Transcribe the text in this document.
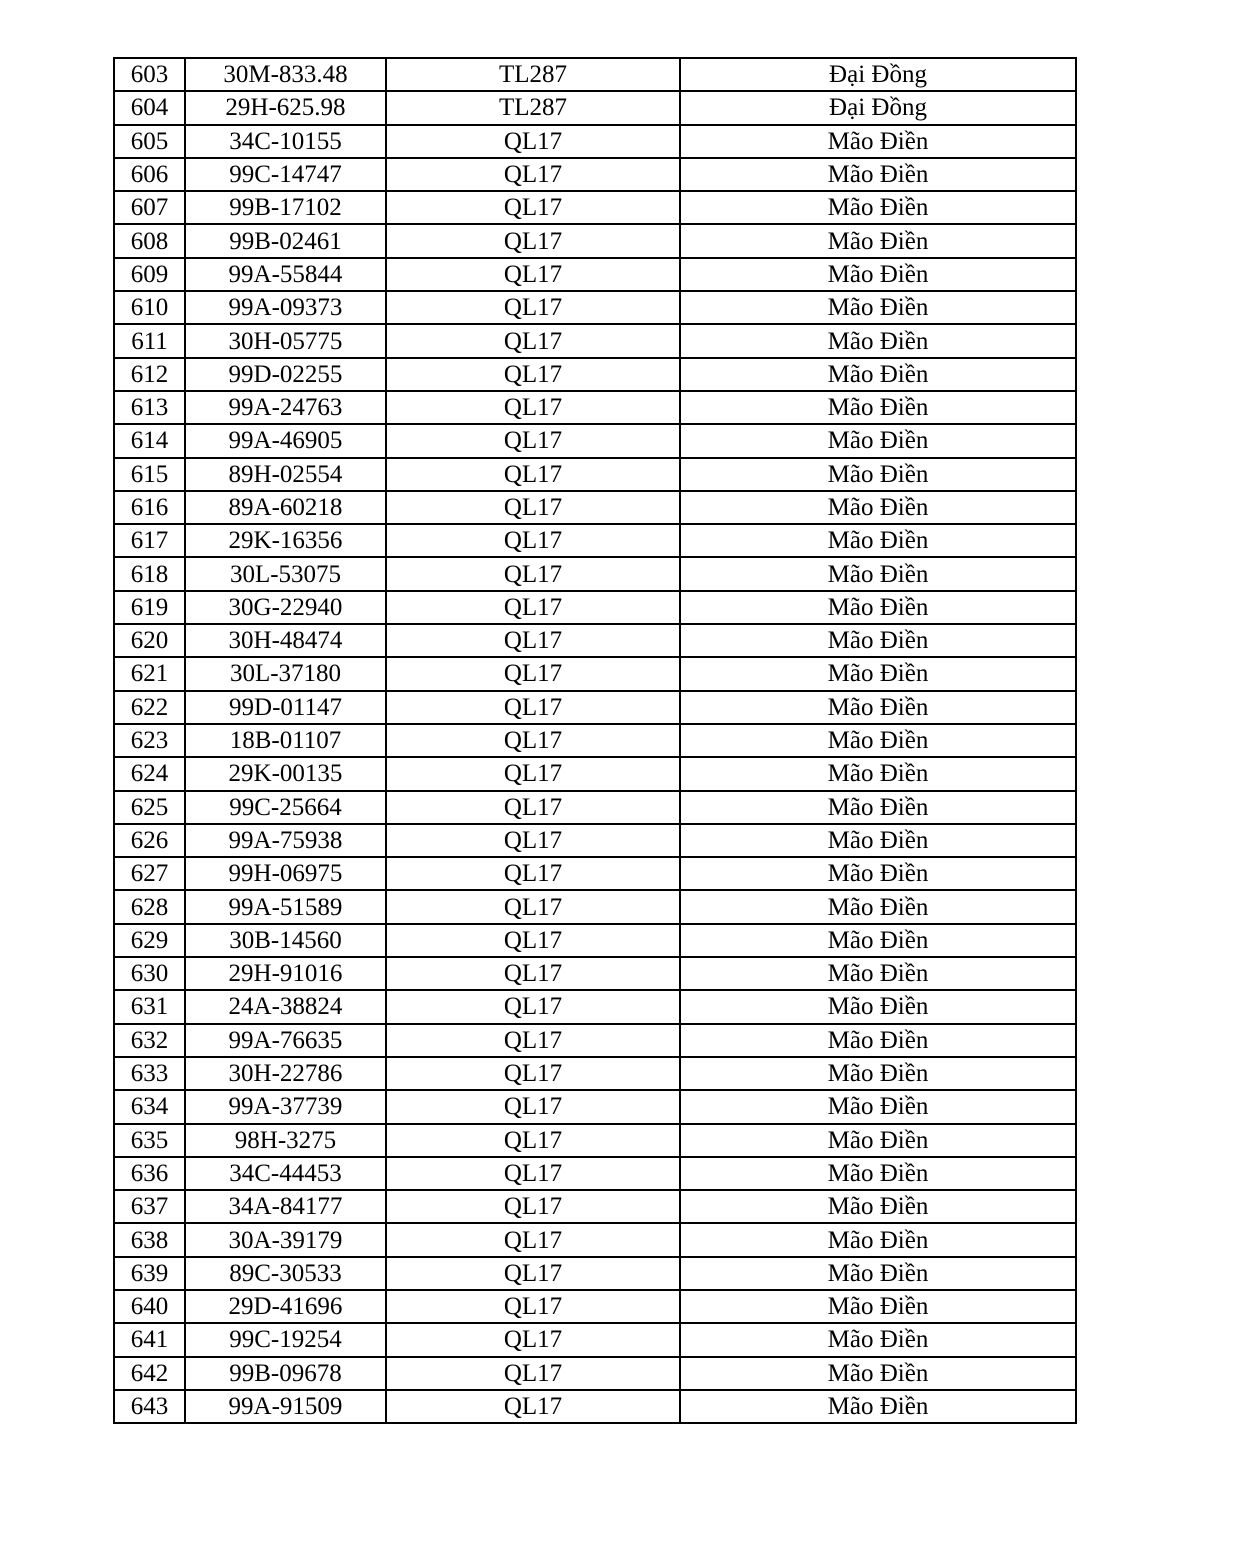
603	30M-833.48	TL287	Đại Đồng
604	29H-625.98	TL287	Đại Đồng
605	34C-10155	QL17	Mão Điền
606	99C-14747	QL17	Mão Điền
607	99B-17102	QL17	Mão Điền
608	99B-02461	QL17	Mão Điền
609	99A-55844	QL17	Mão Điền
610	99A-09373	QL17	Mão Điền
611	30H-05775	QL17	Mão Điền
612	99D-02255	QL17	Mão Điền
613	99A-24763	QL17	Mão Điền
614	99A-46905	QL17	Mão Điền
615	89H-02554	QL17	Mão Điền
616	89A-60218	QL17	Mão Điền
617	29K-16356	QL17	Mão Điền
618	30L-53075	QL17	Mão Điền
619	30G-22940	QL17	Mão Điền
620	30H-48474	QL17	Mão Điền
621	30L-37180	QL17	Mão Điền
622	99D-01147	QL17	Mão Điền
623	18B-01107	QL17	Mão Điền
624	29K-00135	QL17	Mão Điền
625	99C-25664	QL17	Mão Điền
626	99A-75938	QL17	Mão Điền
627	99H-06975	QL17	Mão Điền
628	99A-51589	QL17	Mão Điền
629	30B-14560	QL17	Mão Điền
630	29H-91016	QL17	Mão Điền
631	24A-38824	QL17	Mão Điền
632	99A-76635	QL17	Mão Điền
633	30H-22786	QL17	Mão Điền
634	99A-37739	QL17	Mão Điền
635	98H-3275	QL17	Mão Điền
636	34C-44453	QL17	Mão Điền
637	34A-84177	QL17	Mão Điền
638	30A-39179	QL17	Mão Điền
639	89C-30533	QL17	Mão Điền
640	29D-41696	QL17	Mão Điền
641	99C-19254	QL17	Mão Điền
642	99B-09678	QL17	Mão Điền
643	99A-91509	QL17	Mão Điền
